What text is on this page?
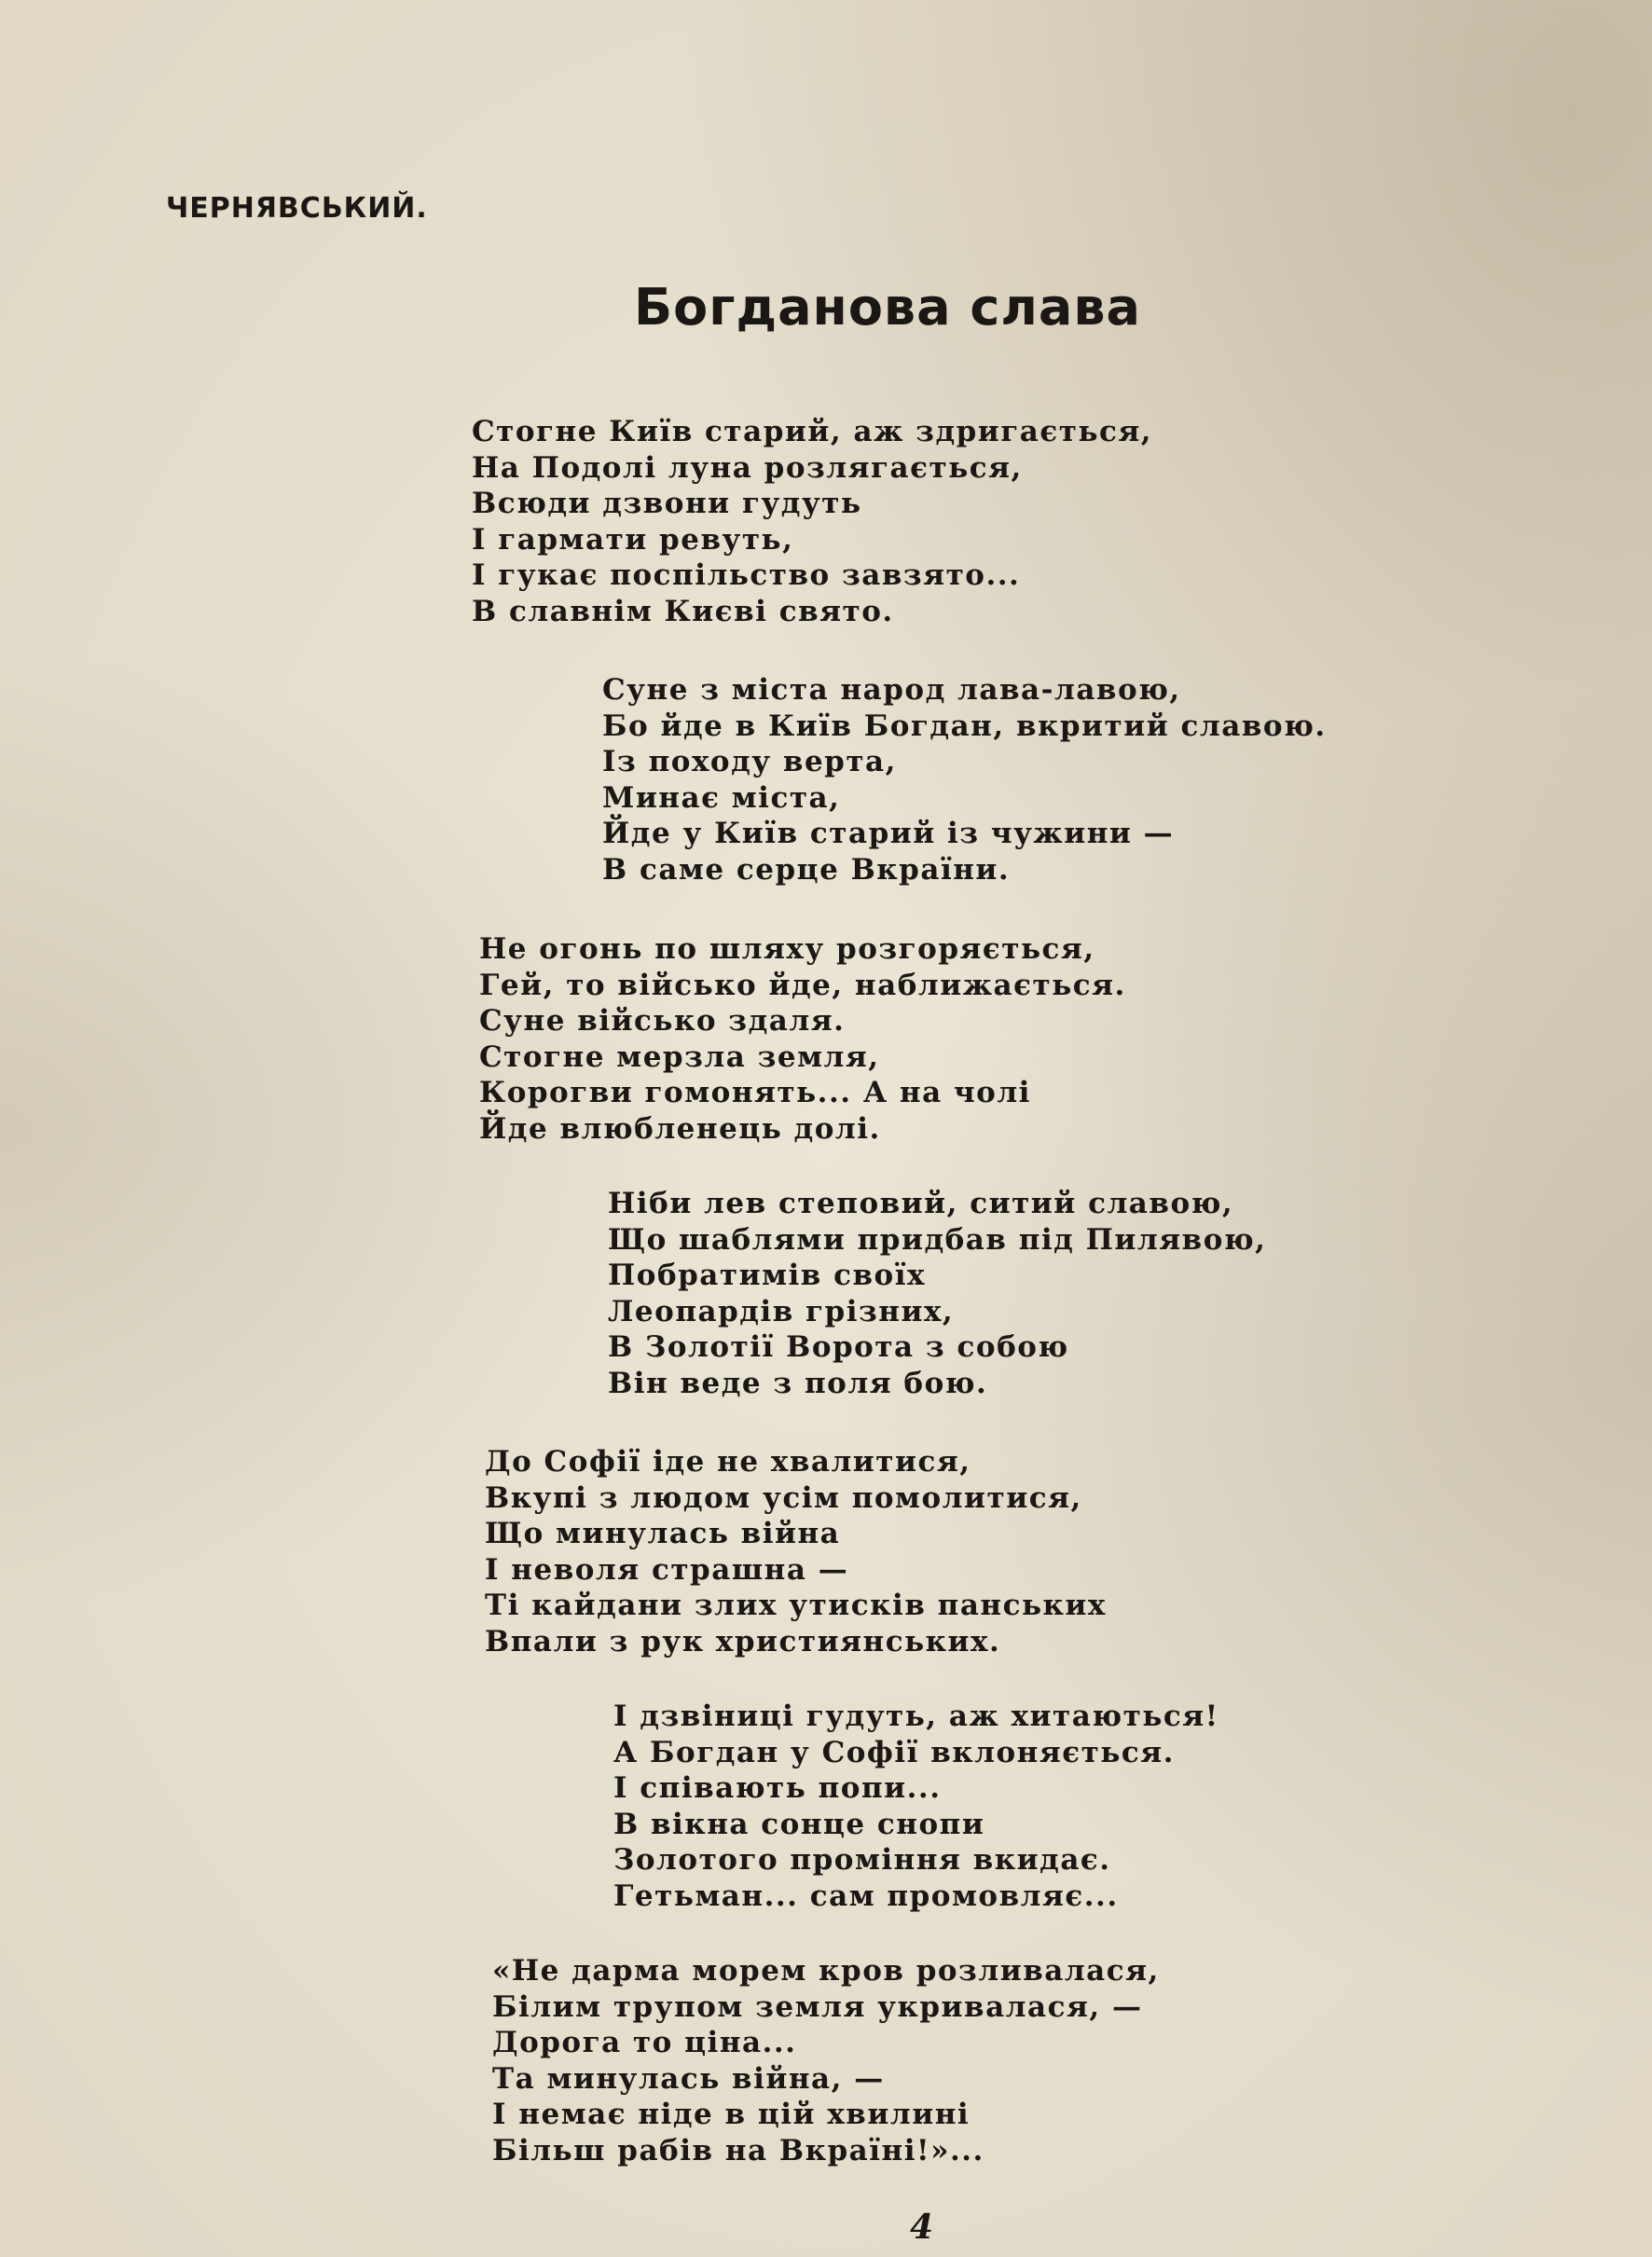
ЧЕРНЯВСЬКИЙ.
Богданова слава
Стогне Київ старий, аж здригається,
На Подолі луна розлягається,
Всюди дзвони гудуть
І гармати ревуть,
І гукає поспільство завзято...
В славнім Києві свято.
Суне з міста народ лава-лавою,
Бо йде в Київ Богдан, вкритий славою.
Із походу верта,
Минає міста,
Йде у Київ старий із чужини —
В саме серце Вкраїни.
Не огонь по шляху розгоряється,
Гей, то військо йде, наближається.
Суне військо здаля.
Стогне мерзла земля,
Корогви гомонять... А на чолі
Йде влюбленець долі.
Ніби лев степовий, ситий славою,
Що шаблями придбав під Пилявою,
Побратимів своїх
Леопардів грізних,
В Золотії Ворота з собою
Він веде з поля бою.
До Софії іде не хвалитися,
Вкупі з людом усім помолитися,
Що минулась війна
І неволя страшна —
Ті кайдани злих утисків панських
Впали з рук християнських.
І дзвіниці гудуть, аж хитаються!
А Богдан у Софії вклоняється.
І співають попи...
В вікна сонце снопи
Золотого проміння вкидає.
Гетьман... сам промовляє...
«Не дарма морем кров розливалася,
Білим трупом земля укривалася, —
Дорога то ціна...
Та минулась війна, —
І немає ніде в цій хвилині
Більш рабів на Вкраїні!»...

4
